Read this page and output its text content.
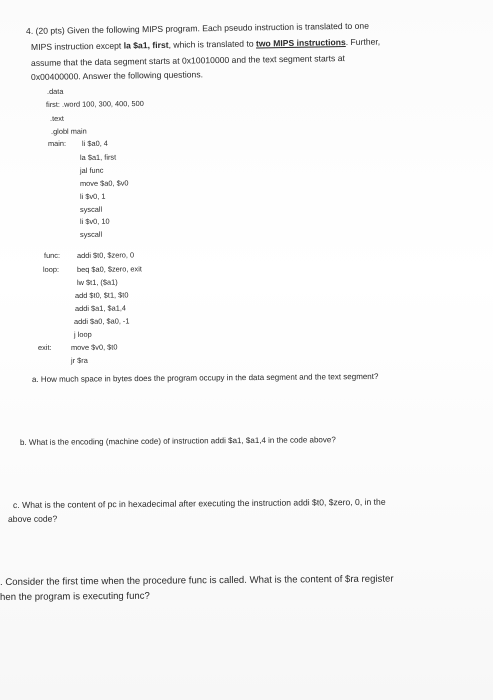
4. (20 pts) Given the following MIPS program. Each pseudo instruction is translated to one
MIPS instruction except la $a1, first, which is translated to two MIPS instructions. Further,
assume that the data segment starts at 0x10010000 and the text segment starts at
0x00400000. Answer the following questions.
.data
first: .word 100, 300, 400, 500
.text
.globl main
main: li $a0, 4
la $a1, first
jal func
move $a0, $v0
li $v0, 1
syscall
li $v0, 10
syscall
func: addi $t0, $zero, 0
loop: beq $a0, $zero, exit
lw $t1, ($a1)
add $t0, $t1, $t0
addi $a1, $a1,4
addi $a0, $a0, -1
j loop
exit:	move $v0, $t0
jr $ra
a. How much space in bytes does the program occupy in the data segment and the text segment?
b. What is the encoding (machine code) of instruction addi $a1, $a1,4 in the code above?
c. What is the content of pc in hexadecimal after executing the instruction addi $t0, $zero, 0, in the
above code?
. Consider the first time when the procedure func is called. What is the content of $ra register
hen the program is executing func?
